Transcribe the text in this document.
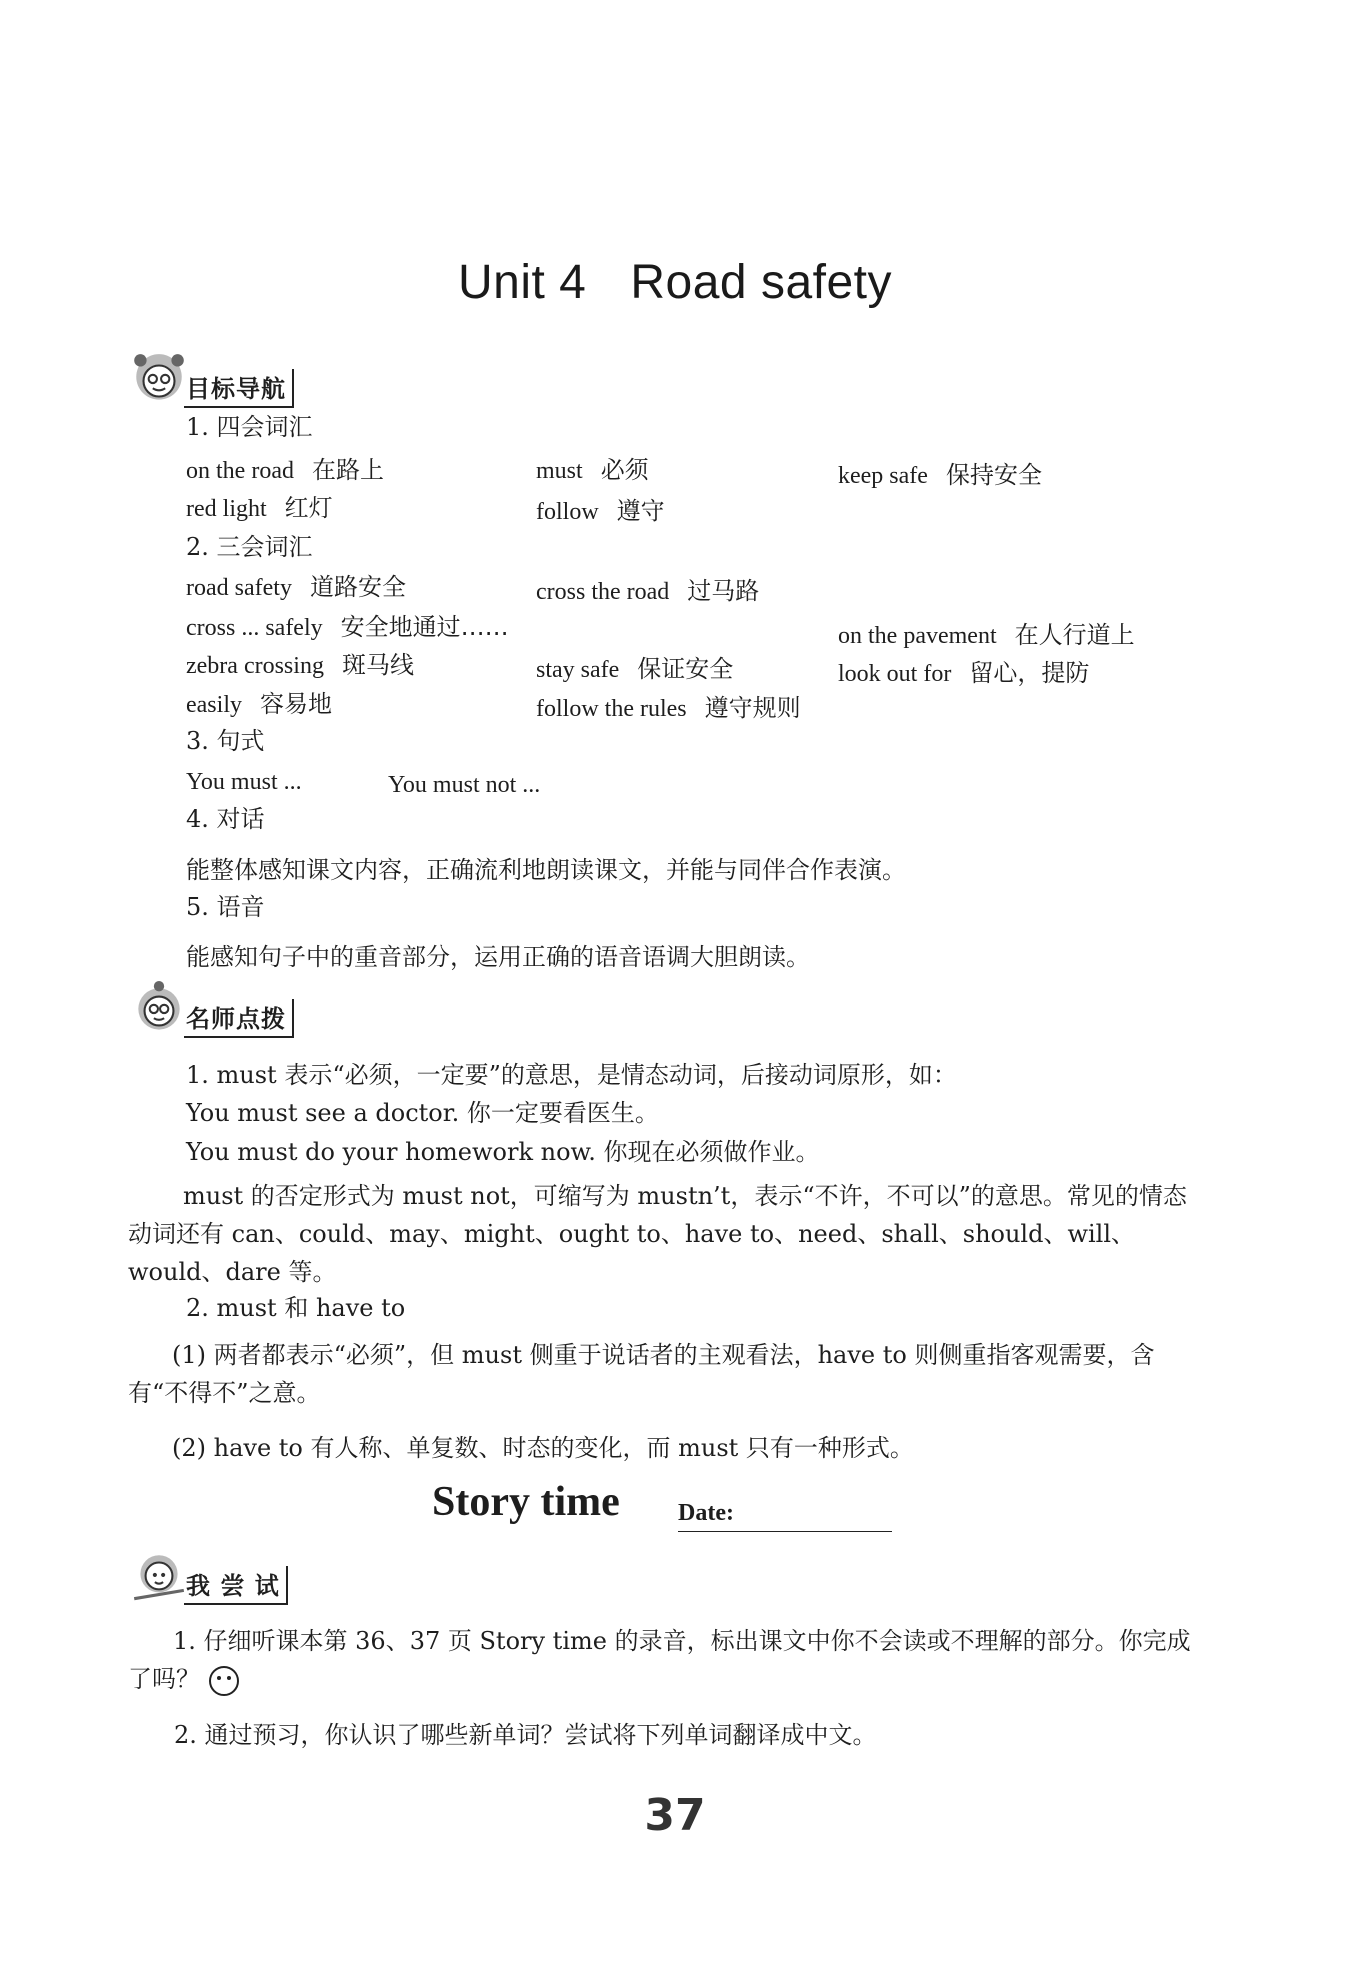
Unit 4 Road safety
目标导航
1. 四会词汇
on the road 在路上	must 必须	keep safe 保持安全
red light 红灯	follow 遵守
2. 三会词汇
road safety 道路安全	cross the road 过马路
cross ... safely 安全地通过……	on the pavement 在人行道上
zebra crossing 斑马线	stay safe 保证安全	look out for 留心，提防
easily 容易地	follow the rules 遵守规则
3. 句式
You must ...	You must not ...
4. 对话
能整体感知课文内容，正确流利地朗读课文，并能与同伴合作表演。
5. 语音
能感知句子中的重音部分，运用正确的语音语调大胆朗读。
名师点拨
1. must 表示“必须，一定要”的意思，是情态动词，后接动词原形，如：
You must see a doctor. 你一定要看医生。
You must do your homework now. 你现在必须做作业。
must 的否定形式为 must not，可缩写为 mustn’t，表示“不许，不可以”的意思。常见的情态动词还有 can、could、may、might、ought to、have to、need、shall、should、will、would、dare 等。
2. must 和 have to
(1) 两者都表示“必须”，但 must 侧重于说话者的主观看法，have to 则侧重指客观需要，含有“不得不”之意。
(2) have to 有人称、单复数、时态的变化，而 must 只有一种形式。
Story time Date:
我 尝 试
1. 仔细听课本第 36、37 页 Story time 的录音，标出课文中你不会读或不理解的部分。你完成了吗？
2. 通过预习，你认识了哪些新单词？尝试将下列单词翻译成中文。
37
